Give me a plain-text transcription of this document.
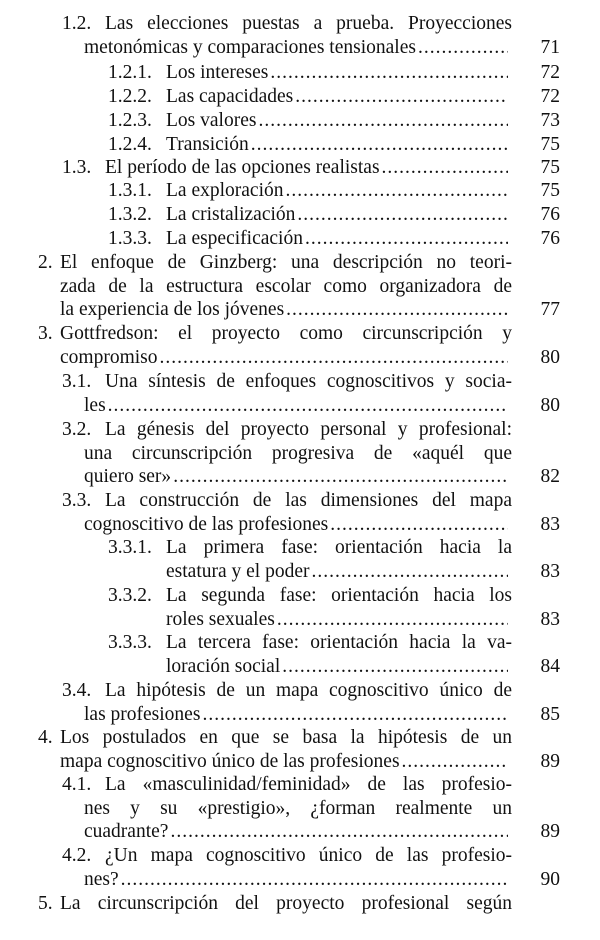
1.2. Las elecciones puestas a prueba. Proyecciones
metonómicas y comparaciones tensionales .....	71
1.2.1. Los intereses .....	72
1.2.2. Las capacidades .....	72
1.2.3. Los valores .....	73
1.2.4. Transición .....	75
1.3. El período de las opciones realistas .....	75
1.3.1. La exploración .....	75
1.3.2. La cristalización .....	76
1.3.3. La especificación .....	76
2. El enfoque de Ginzberg: una descripción no teori-
zada de la estructura escolar como organizadora de
la experiencia de los jóvenes .....	77
3. Gottfredson: el proyecto como circunscripción y
compromiso .....	80
3.1. Una síntesis de enfoques cognoscitivos y socia-
les .....	80
3.2. La génesis del proyecto personal y profesional:
una circunscripción progresiva de «aquél que
quiero ser» .....	82
3.3. La construcción de las dimensiones del mapa
cognoscitivo de las profesiones .....	83
3.3.1. La primera fase: orientación hacia la
estatura y el poder .....	83
3.3.2. La segunda fase: orientación hacia los
roles sexuales .....	83
3.3.3. La tercera fase: orientación hacia la va-
loración social .....	84
3.4. La hipótesis de un mapa cognoscitivo único de
las profesiones .....	85
4. Los postulados en que se basa la hipótesis de un
mapa cognoscitivo único de las profesiones .....	89
4.1. La «masculinidad/feminidad» de las profesio-
nes y su «prestigio», ¿forman realmente un
cuadrante? .....	89
4.2. ¿Un mapa cognoscitivo único de las profesio-
nes? .....	90
5. La circunscripción del proyecto profesional según
